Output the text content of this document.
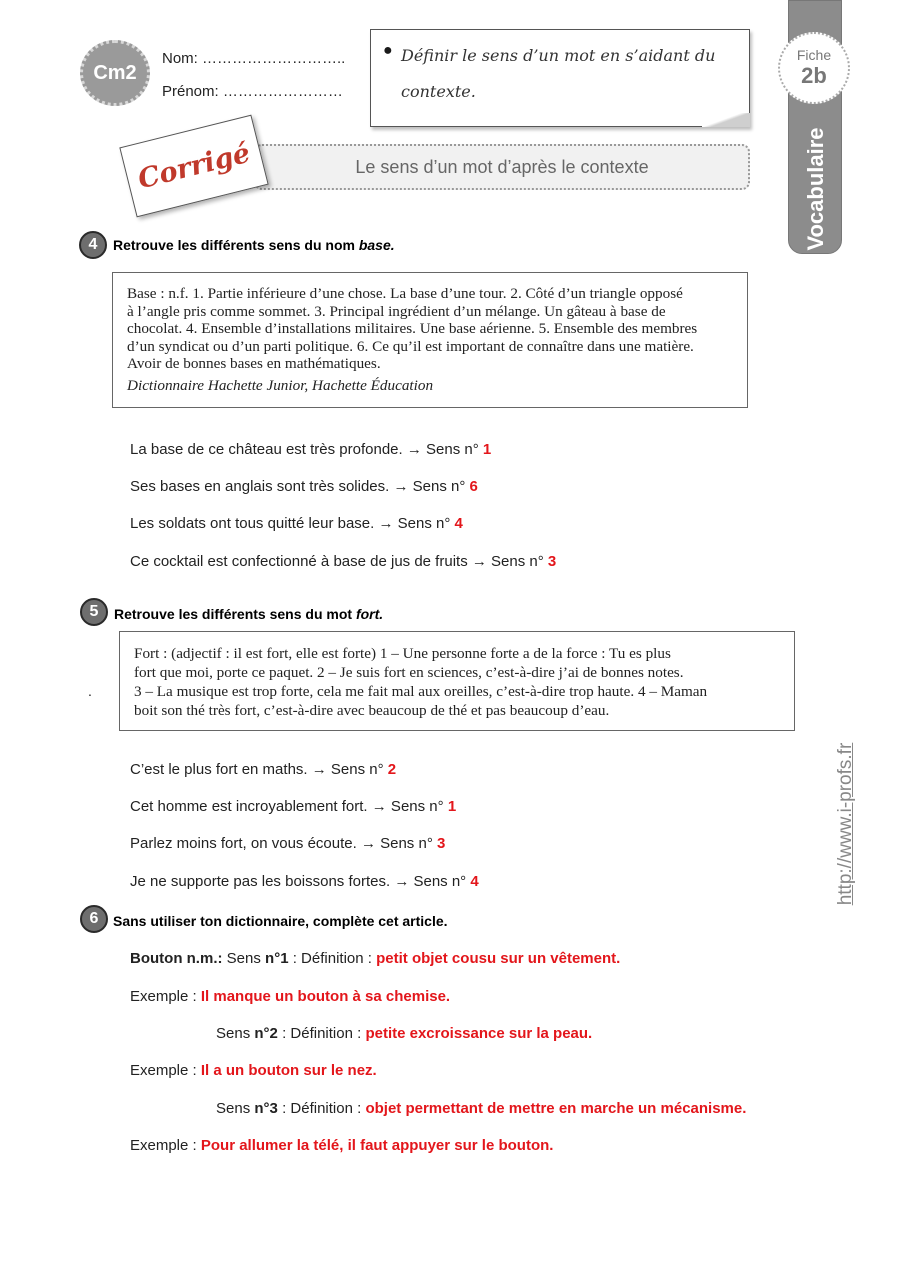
Cm2
Nom: ………………………..
Prénom: ……………………
● Définir le sens d’un mot en s’aidant du contexte.
Vocabulaire
Fiche
2b
Le sens d’un mot d’après le contexte
Corrigé
4	Retrouve les différents sens du nom base.
Base : n.f. 1. Partie inférieure d’une chose. La base d’une tour. 2. Côté d’un triangle opposé
à l’angle pris comme sommet. 3. Principal ingrédient d’un mélange. Un gâteau à base de
chocolat. 4. Ensemble d’installations militaires. Une base aérienne. 5. Ensemble des membres
d’un syndicat ou d’un parti politique. 6. Ce qu’il est important de connaître dans une matière.
Avoir de bonnes bases en mathématiques.
Dictionnaire Hachette Junior, Hachette Éducation
La base de ce château est très profonde. → Sens n° 1
Ses bases en anglais sont très solides. → Sens n° 6
Les soldats ont tous quitté leur base. → Sens n° 4
Ce cocktail est confectionné à base de jus de fruits → Sens n° 3
5	Retrouve les différents sens du mot fort.
.
Fort : (adjectif : il est fort, elle est forte) 1 – Une personne forte a de la force : Tu es plus
fort que moi, porte ce paquet. 2 – Je suis fort en sciences, c’est-à-dire j’ai de bonnes notes.
3 – La musique est trop forte, cela me fait mal aux oreilles, c’est-à-dire trop haute. 4 – Maman
boit son thé très fort, c’est-à-dire avec beaucoup de thé et pas beaucoup d’eau.
C’est le plus fort en maths. → Sens n° 2
Cet homme est incroyablement fort. → Sens n° 1
Parlez moins fort, on vous écoute. → Sens n° 3
Je ne supporte pas les boissons fortes. → Sens n° 4
6	Sans utiliser ton dictionnaire, complète cet article.
Bouton n.m.: Sens n°1 : Définition : petit objet cousu sur un vêtement.
Exemple : Il manque un bouton à sa chemise.
Sens n°2 : Définition : petite excroissance sur la peau.
Exemple : Il a un bouton sur le nez.
Sens n°3 : Définition : objet permettant de mettre en marche un mécanisme.
Exemple : Pour allumer la télé, il faut appuyer sur le bouton.
http://www.i-profs.fr
